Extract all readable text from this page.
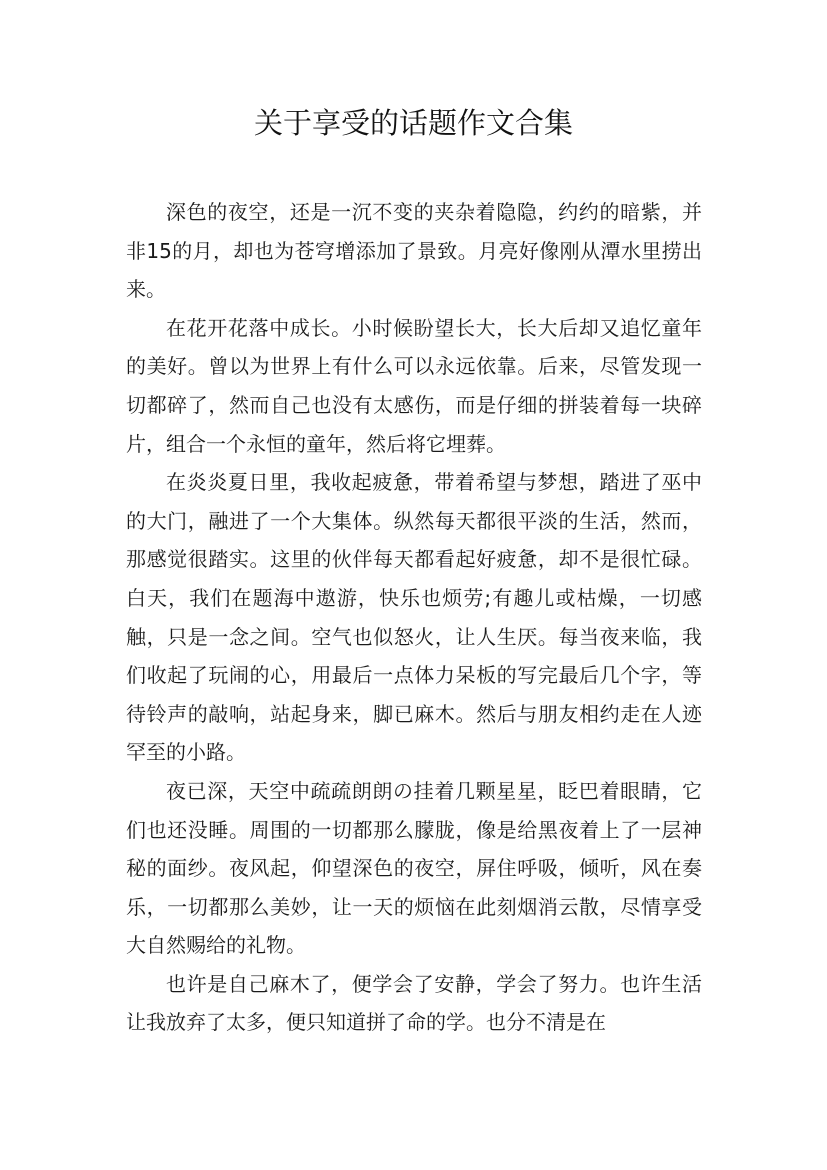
关于享受的话题作文合集

深色的夜空，还是一沉不变的夹杂着隐隐，约约的暗紫，并非15的月，却也为苍穹增添加了景致。月亮好像刚从潭水里捞出来。

在花开花落中成长。小时候盼望长大，长大后却又追忆童年的美好。曾以为世界上有什么可以永远依靠。后来，尽管发现一切都碎了，然而自己也没有太感伤，而是仔细的拼装着每一块碎片，组合一个永恒的童年，然后将它埋葬。

在炎炎夏日里，我收起疲惫，带着希望与梦想，踏进了巫中的大门，融进了一个大集体。纵然每天都很平淡的生活，然而，那感觉很踏实。这里的伙伴每天都看起好疲惫，却不是很忙碌。白天，我们在题海中遨游，快乐也烦劳;有趣儿或枯燥，一切感触，只是一念之间。空气也似怒火，让人生厌。每当夜来临，我们收起了玩闹的心，用最后一点体力呆板的写完最后几个字，等待铃声的敲响，站起身来，脚已麻木。然后与朋友相约走在人迹罕至的小路。

夜已深，天空中疏疏朗朗の挂着几颗星星，眨巴着眼睛，它们也还没睡。周围的一切都那么朦胧，像是给黑夜着上了一层神秘的面纱。夜风起，仰望深色的夜空，屏住呼吸，倾听，风在奏乐，一切都那么美妙，让一天的烦恼在此刻烟消云散，尽情享受大自然赐给的礼物。

也许是自己麻木了，便学会了安静，学会了努力。也许生活让我放弃了太多，便只知道拼了命的学。也分不清是在
